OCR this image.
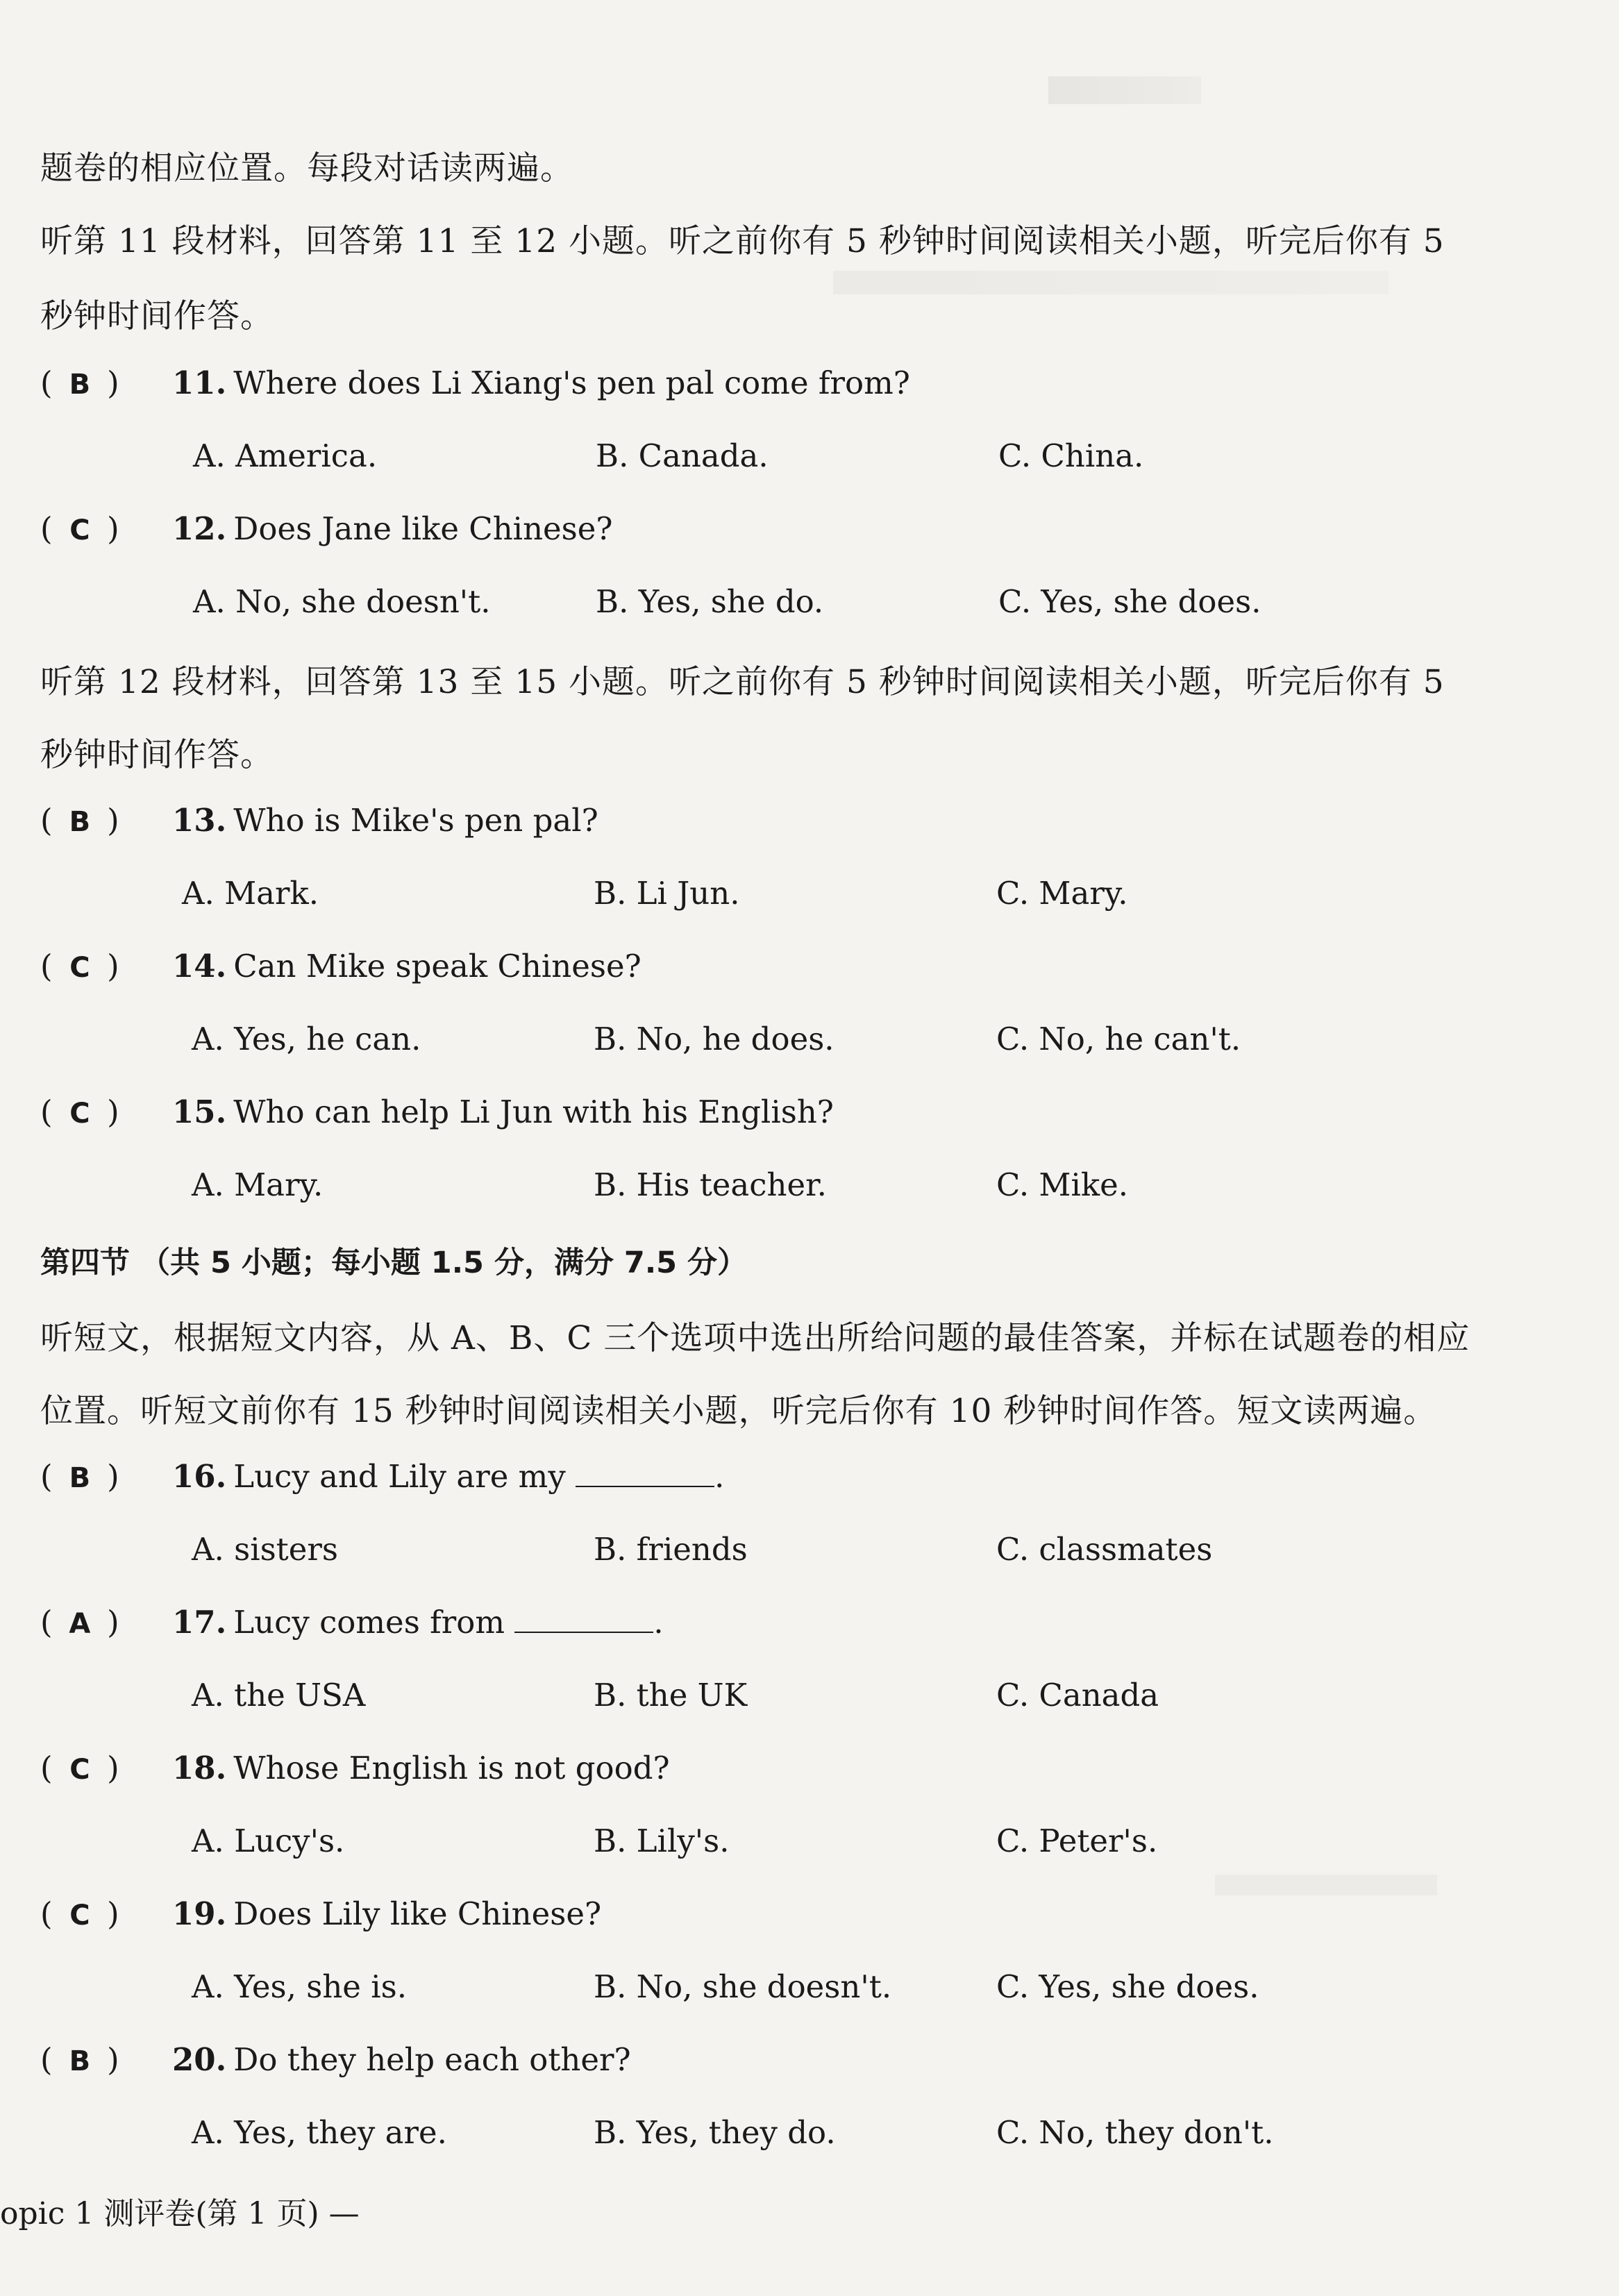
题卷的相应位置。每段对话读两遍。
听第 11 段材料，回答第 11 至 12 小题。听之前你有 5 秒钟时间阅读相关小题，听完后你有 5
秒钟时间作答。
( B ) 11. Where does Li Xiang's pen pal come from?
A. America.	B. Canada.	C. China.
( C ) 12. Does Jane like Chinese?
A. No, she doesn't.	B. Yes, she do.	C. Yes, she does.
听第 12 段材料，回答第 13 至 15 小题。听之前你有 5 秒钟时间阅读相关小题，听完后你有 5
秒钟时间作答。
( B ) 13. Who is Mike's pen pal?
A. Mark.	B. Li Jun.	C. Mary.
( C ) 14. Can Mike speak Chinese?
A. Yes, he can.	B. No, he does.	C. No, he can't.
( C ) 15. Who can help Li Jun with his English?
A. Mary.	B. His teacher.	C. Mike.
第四节 （共 5 小题；每小题 1.5 分，满分 7.5 分）
听短文，根据短文内容，从 A、B、C 三个选项中选出所给问题的最佳答案，并标在试题卷的相应
位置。听短文前你有 15 秒钟时间阅读相关小题，听完后你有 10 秒钟时间作答。短文读两遍。
( B ) 16. Lucy and Lily are my	.
A. sisters	B. friends	C. classmates
( A ) 17. Lucy comes from	.
A. the USA	B. the UK	C. Canada
( C ) 18. Whose English is not good?
A. Lucy's.	B. Lily's.	C. Peter's.
( C ) 19. Does Lily like Chinese?
A. Yes, she is.	B. No, she doesn't.	C. Yes, she does.
( B ) 20. Do they help each other?
A. Yes, they are.	B. Yes, they do.	C. No, they don't.
opic 1 测评卷(第 1 页) —
